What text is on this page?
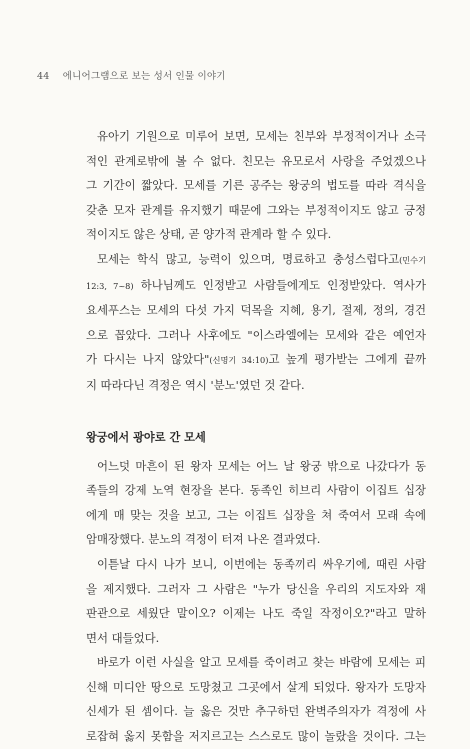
44 에니어그램으로 보는 성서 인물 이야기

유아기 기원으로 미루어 보면, 모세는 친부와 부정적이거나 소극
적인 관계로밖에 볼 수 없다. 친모는 유모로서 사랑을 주었겠으나
그 기간이 짧았다. 모세를 기른 공주는 왕궁의 법도를 따라 격식을
갖춘 모자 관계를 유지했기 때문에 그와는 부정적이지도 않고 긍정
적이지도 않은 상태, 곧 양가적 관계라 할 수 있다.

모세는 학식 많고, 능력이 있으며, 명료하고 충성스럽다고(민수기
12:3, 7~8) 하나님께도 인정받고 사람들에게도 인정받았다. 역사가
요세푸스는 모세의 다섯 가지 덕목을 지혜, 용기, 절제, 정의, 경건
으로 꼽았다. 그러나 사후에도 "이스라엘에는 모세와 같은 예언자
가 다시는 나지 않았다"(신명기 34:10)고 높게 평가받는 그에게 끝까
지 따라다닌 격정은 역시 '분노'였던 것 같다.

왕궁에서 광야로 간 모세

어느덧 마흔이 된 왕자 모세는 어느 날 왕궁 밖으로 나갔다가 동
족들의 강제 노역 현장을 본다. 동족인 히브리 사람이 이집트 십장
에게 매 맞는 것을 보고, 그는 이집트 십장을 쳐 죽여서 모래 속에
암매장했다. 분노의 격정이 터져 나온 결과였다.

이튿날 다시 나가 보니, 이번에는 동족끼리 싸우기에, 때린 사람
을 제지했다. 그러자 그 사람은 "누가 당신을 우리의 지도자와 재
판관으로 세웠단 말이오? 이제는 나도 죽일 작정이오?"라고 말하
면서 대들었다.

바로가 이런 사실을 알고 모세를 죽이려고 찾는 바람에 모세는 피
신해 미디안 땅으로 도망쳤고 그곳에서 살게 되었다. 왕자가 도망자
신세가 된 셈이다. 늘 옳은 것만 추구하던 완벽주의자가 격정에 사
로잡혀 옳지 못함을 저지르고는 스스로도 많이 놀랐을 것이다. 그는
